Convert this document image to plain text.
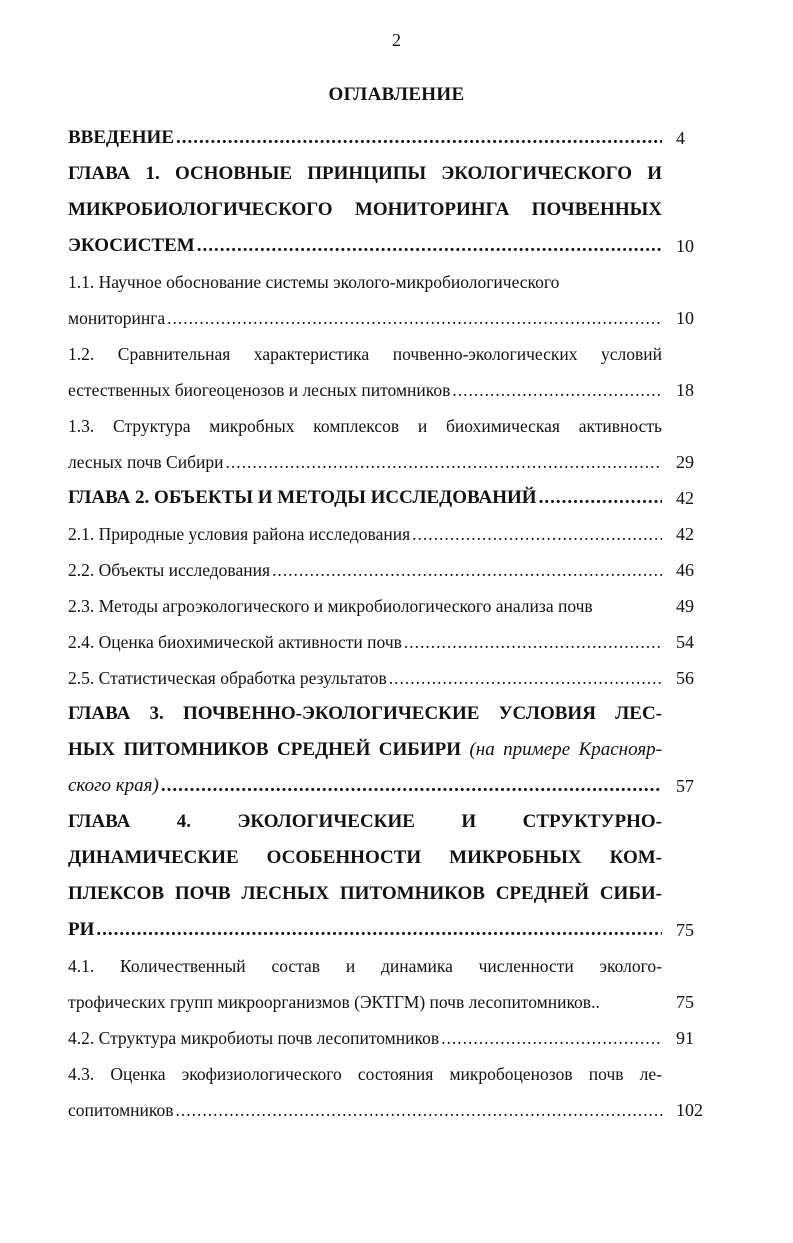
2
ОГЛАВЛЕНИЕ
ВВЕДЕНИЕ .....	4
ГЛАВА 1. ОСНОВНЫЕ ПРИНЦИПЫ ЭКОЛОГИЧЕСКОГО И
МИКРОБИОЛОГИЧЕСКОГО МОНИТОРИНГА ПОЧВЕННЫХ
ЭКОСИСТЕМ .....	10
1.1. Научное обоснование системы эколого-микробиологического
мониторинга .....	10
1.2. Сравнительная характеристика почвенно-экологических условий
естественных биогеоценозов и лесных питомников .....	18
1.3. Структура микробных комплексов и биохимическая активность
лесных почв Сибири .....	29
ГЛАВА 2. ОБЪЕКТЫ И МЕТОДЫ ИССЛЕДОВАНИЙ .....	42
2.1. Природные условия района исследования .....	42
2.2. Объекты исследования .....	46
2.3. Методы агроэкологического и микробиологического анализа почв	49
2.4. Оценка биохимической активности почв .....	54
2.5. Статистическая обработка результатов .....	56
ГЛАВА 3. ПОЧВЕННО-ЭКОЛОГИЧЕСКИЕ УСЛОВИЯ ЛЕС-
НЫХ ПИТОМНИКОВ СРЕДНЕЙ СИБИРИ (на примере Краснояр-
ского края) .....	57
ГЛАВА 4. ЭКОЛОГИЧЕСКИЕ И СТРУКТУРНО-
ДИНАМИЧЕСКИЕ ОСОБЕННОСТИ МИКРОБНЫХ КОМ-
ПЛЕКСОВ ПОЧВ ЛЕСНЫХ ПИТОМНИКОВ СРЕДНЕЙ СИБИ-
РИ .....	75
4.1. Количественный состав и динамика численности эколого-
трофических групп микроорганизмов (ЭКТГМ) почв лесопитомников..	75
4.2. Структура микробиоты почв лесопитомников .....	91
4.3. Оценка экофизиологического состояния микробоценозов почв ле-
сопитомников .....	102
